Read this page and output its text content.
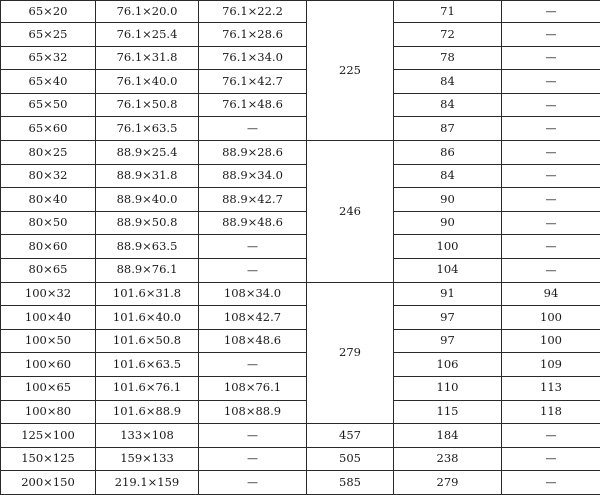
65×20	76.1×20.0	76.1×22.2	225	71	—
65×25	76.1×25.4	76.1×28.6		72	—
65×32	76.1×31.8	76.1×34.0		78	—
65×40	76.1×40.0	76.1×42.7		84	—
65×50	76.1×50.8	76.1×48.6		84	—
65×60	76.1×63.5	—		87	—
80×25	88.9×25.4	88.9×28.6	246	86	—
80×32	88.9×31.8	88.9×34.0		84	—
80×40	88.9×40.0	88.9×42.7		90	—
80×50	88.9×50.8	88.9×48.6		90	—
80×60	88.9×63.5	—		100	—
80×65	88.9×76.1	—		104	—
100×32	101.6×31.8	108×34.0	279	91	94
100×40	101.6×40.0	108×42.7		97	100
100×50	101.6×50.8	108×48.6		97	100
100×60	101.6×63.5	—		106	109
100×65	101.6×76.1	108×76.1		110	113
100×80	101.6×88.9	108×88.9		115	118
125×100	133×108	—	457	184	—
150×125	159×133	—	505	238	—
200×150	219.1×159	—	585	279	—
